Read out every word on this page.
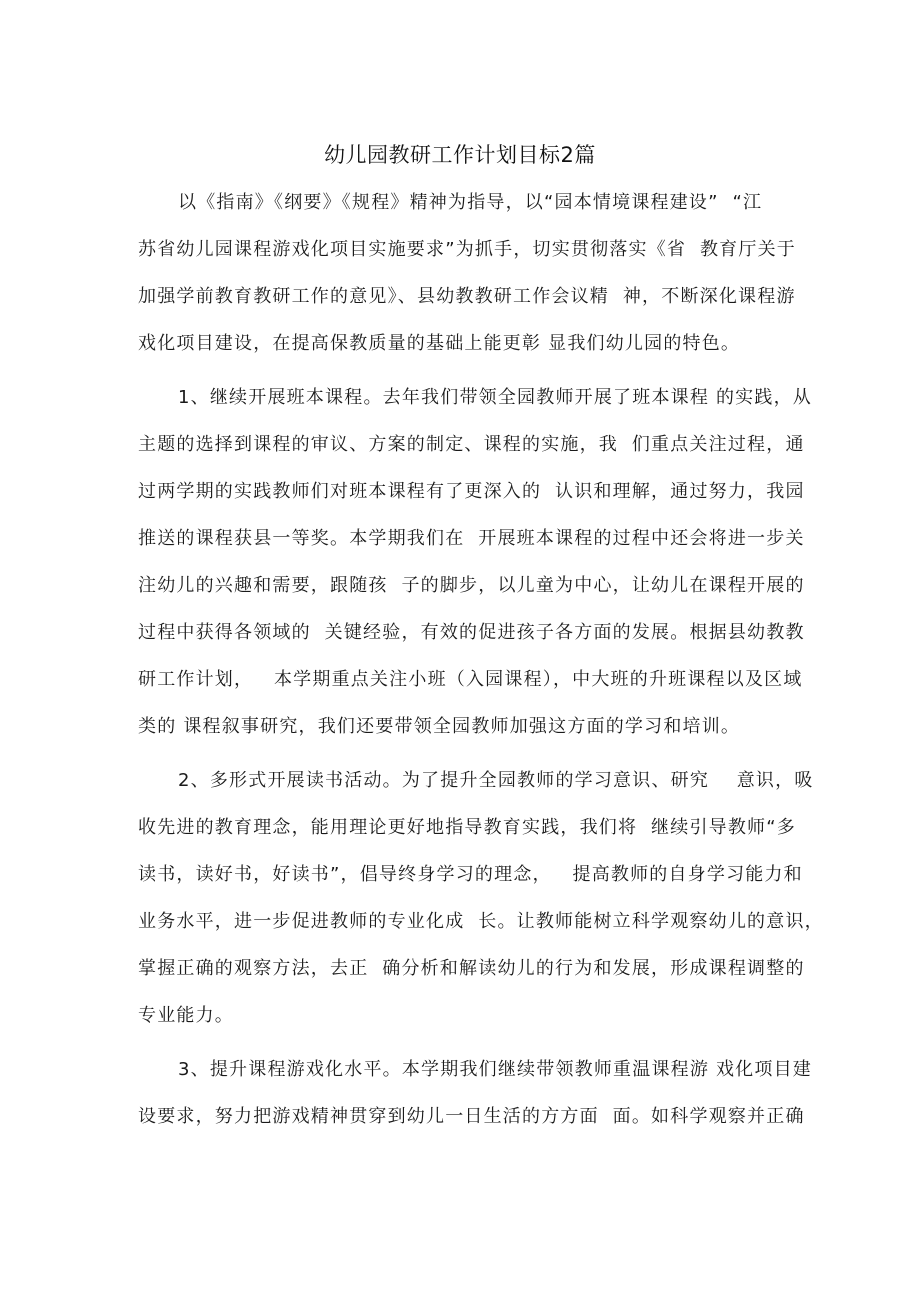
幼儿园教研工作计划目标2篇
以《指南》《纲要》《规程》精神为指导，以“园本情境课程建设”  “江
苏省幼儿园课程游戏化项目实施要求”为抓手，切实贯彻落实《省  教育厅关于
加强学前教育教研工作的意见》、县幼教教研工作会议精  神，不断深化课程游
戏化项目建设，在提高保教质量的基础上能更彰 显我们幼儿园的特色。
1、继续开展班本课程。去年我们带领全园教师开展了班本课程 的实践，从
主题的选择到课程的审议、方案的制定、课程的实施，我  们重点关注过程，通
过两学期的实践教师们对班本课程有了更深入的  认识和理解，通过努力，我园
推送的课程获县一等奖。本学期我们在  开展班本课程的过程中还会将进一步关
注幼儿的兴趣和需要，跟随孩  子的脚步，以儿童为中心，让幼儿在课程开展的
过程中获得各领域的  关键经验，有效的促进孩子各方面的发展。根据县幼教教
研工作计划，   本学期重点关注小班（入园课程），中大班的升班课程以及区域
类的 课程叙事研究，我们还要带领全园教师加强这方面的学习和培训。
2、多形式开展读书活动。为了提升全园教师的学习意识、研究    意识，吸
收先进的教育理念，能用理论更好地指导教育实践，我们将  继续引导教师“多
读书，读好书，好读书”，倡导终身学习的理念，   提高教师的自身学习能力和
业务水平，进一步促进教师的专业化成  长。让教师能树立科学观察幼儿的意识，
掌握正确的观察方法，去正  确分析和解读幼儿的行为和发展，形成课程调整的
专业能力。
3、提升课程游戏化水平。本学期我们继续带领教师重温课程游 戏化项目建
设要求，努力把游戏精神贯穿到幼儿一日生活的方方面  面。如科学观察并正确
